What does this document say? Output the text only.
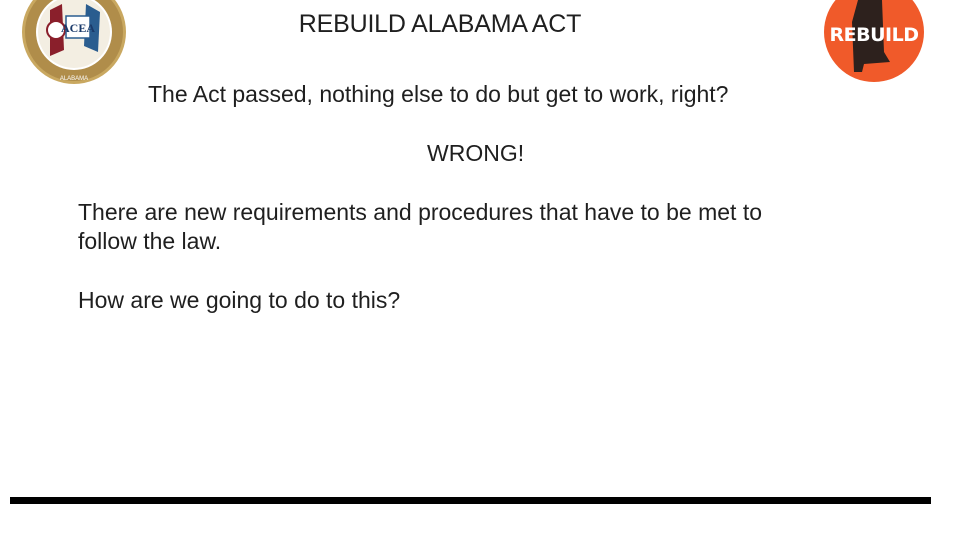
ACEA
ALABAMA
REBUILD ALABAMA ACT	REBUILD
The Act passed, nothing else to do but get to work, right?
WRONG!
There are new requirements and procedures that have to be met to follow the law.
How are we going to do to this?
